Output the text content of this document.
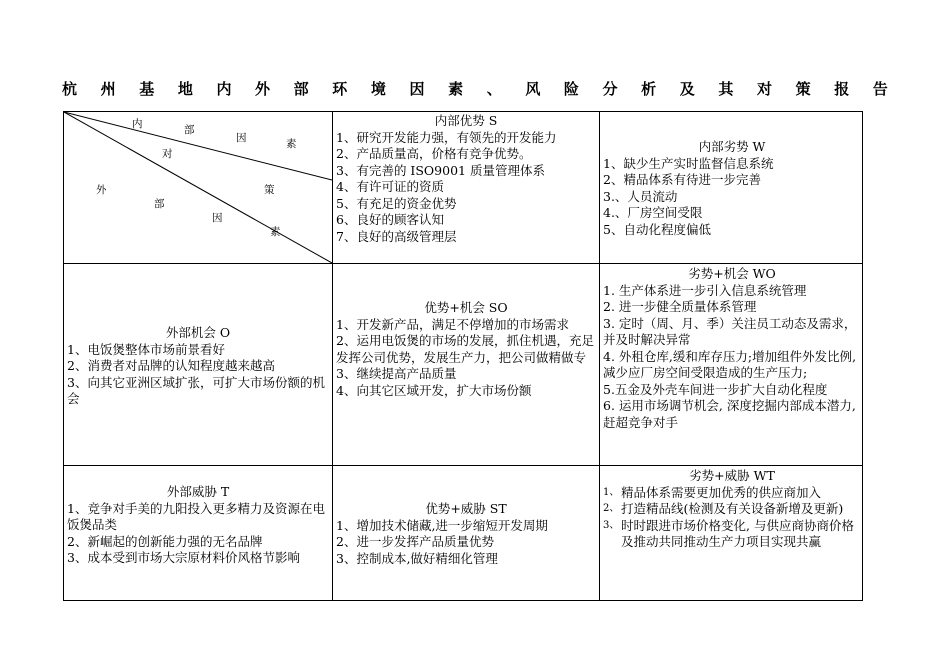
杭 州 基 地 内 外 部 环 境 因 素 、 风 险 分 析 及 其 对 策 报 告
内	部
因	素
对
策
外
部
因
素
内部优势 S
1、研究开发能力强，有领先的开发能力
2、产品质量高，价格有竞争优势。
3、有完善的 ISO9001 质量管理体系
4、有许可证的资质
5、有充足的资金优势
6、良好的顾客认知
7、良好的高级管理层
内部劣势 W
1、缺少生产实时监督信息系统
2、精品体系有待进一步完善
3.、人员流动
4.、厂房空间受限
5、自动化程度偏低
外部机会 O
1、电饭煲整体市场前景看好
2、消费者对品牌的认知程度越来越高
3、向其它亚洲区域扩张，可扩大市场份额的机会
优势+机会 SO
1、开发新产品，满足不停增加的市场需求
2、运用电饭煲的市场的发展，抓住机遇，充足发挥公司优势，发展生产力，把公司做精做专
3、继续提高产品质量
4、向其它区域开发，扩大市场份额
劣势+机会 WO
1. 生产体系进一步引入信息系统管理
2. 进一步健全质量体系管理
3. 定时（周、月、季）关注员工动态及需求，并及时解决异常
4. 外租仓库,缓和库存压力;增加组件外发比例,减少应厂房空间受限造成的生产压力;
5.五金及外壳车间进一步扩大自动化程度
6. 运用市场调节机会, 深度挖掘内部成本潜力,赶超竞争对手
外部威胁 T
1、竞争对手美的九阳投入更多精力及资源在电饭煲品类
2、新崛起的创新能力强的无名品牌
3、成本受到市场大宗原材料价风格节影响
优势+威胁 ST
1、增加技术储藏,进一步缩短开发周期
2、进一步发挥产品质量优势
3、控制成本,做好精细化管理
劣势+威胁 WT
1、 精品体系需要更加优秀的供应商加入
2、 打造精品线(检测及有关设备新增及更新)
3、 时时跟进市场价格变化, 与供应商协商价格及推动共同推动生产力项目实现共赢
